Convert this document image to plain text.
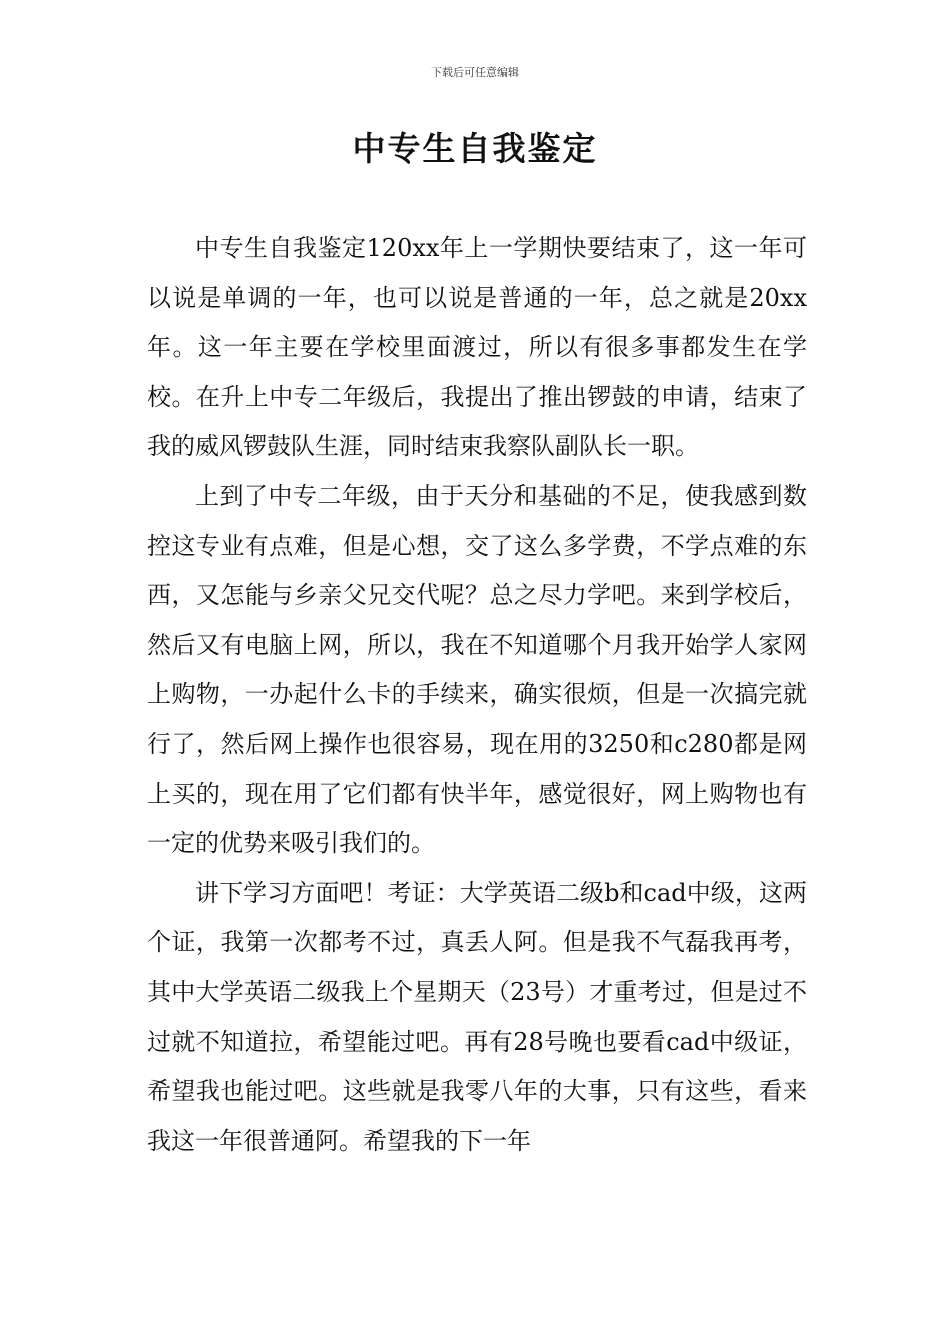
下载后可任意编辑
中专生自我鉴定

中专生自我鉴定120xx年上一学期快要结束了，这一年可以说是单调的一年，也可以说是普通的一年，总之就是20xx年。这一年主要在学校里面渡过，所以有很多事都发生在学校。在升上中专二年级后，我提出了推出锣鼓的申请，结束了我的威风锣鼓队生涯，同时结束我察队副队长一职。

上到了中专二年级，由于天分和基础的不足，使我感到数控这专业有点难，但是心想，交了这么多学费，不学点难的东西，又怎能与乡亲父兄交代呢？总之尽力学吧。来到学校后，然后又有电脑上网，所以，我在不知道哪个月我开始学人家网上购物，一办起什么卡的手续来，确实很烦，但是一次搞完就行了，然后网上操作也很容易，现在用的3250和c280都是网上买的，现在用了它们都有快半年，感觉很好，网上购物也有一定的优势来吸引我们的。

讲下学习方面吧！考证：大学英语二级b和cad中级，这两个证，我第一次都考不过，真丢人阿。但是我不气磊我再考，其中大学英语二级我上个星期天（23号）才重考过，但是过不过就不知道拉，希望能过吧。再有28号晚也要看cad中级证，希望我也能过吧。这些就是我零八年的大事，只有这些，看来我这一年很普通阿。希望我的下一年
